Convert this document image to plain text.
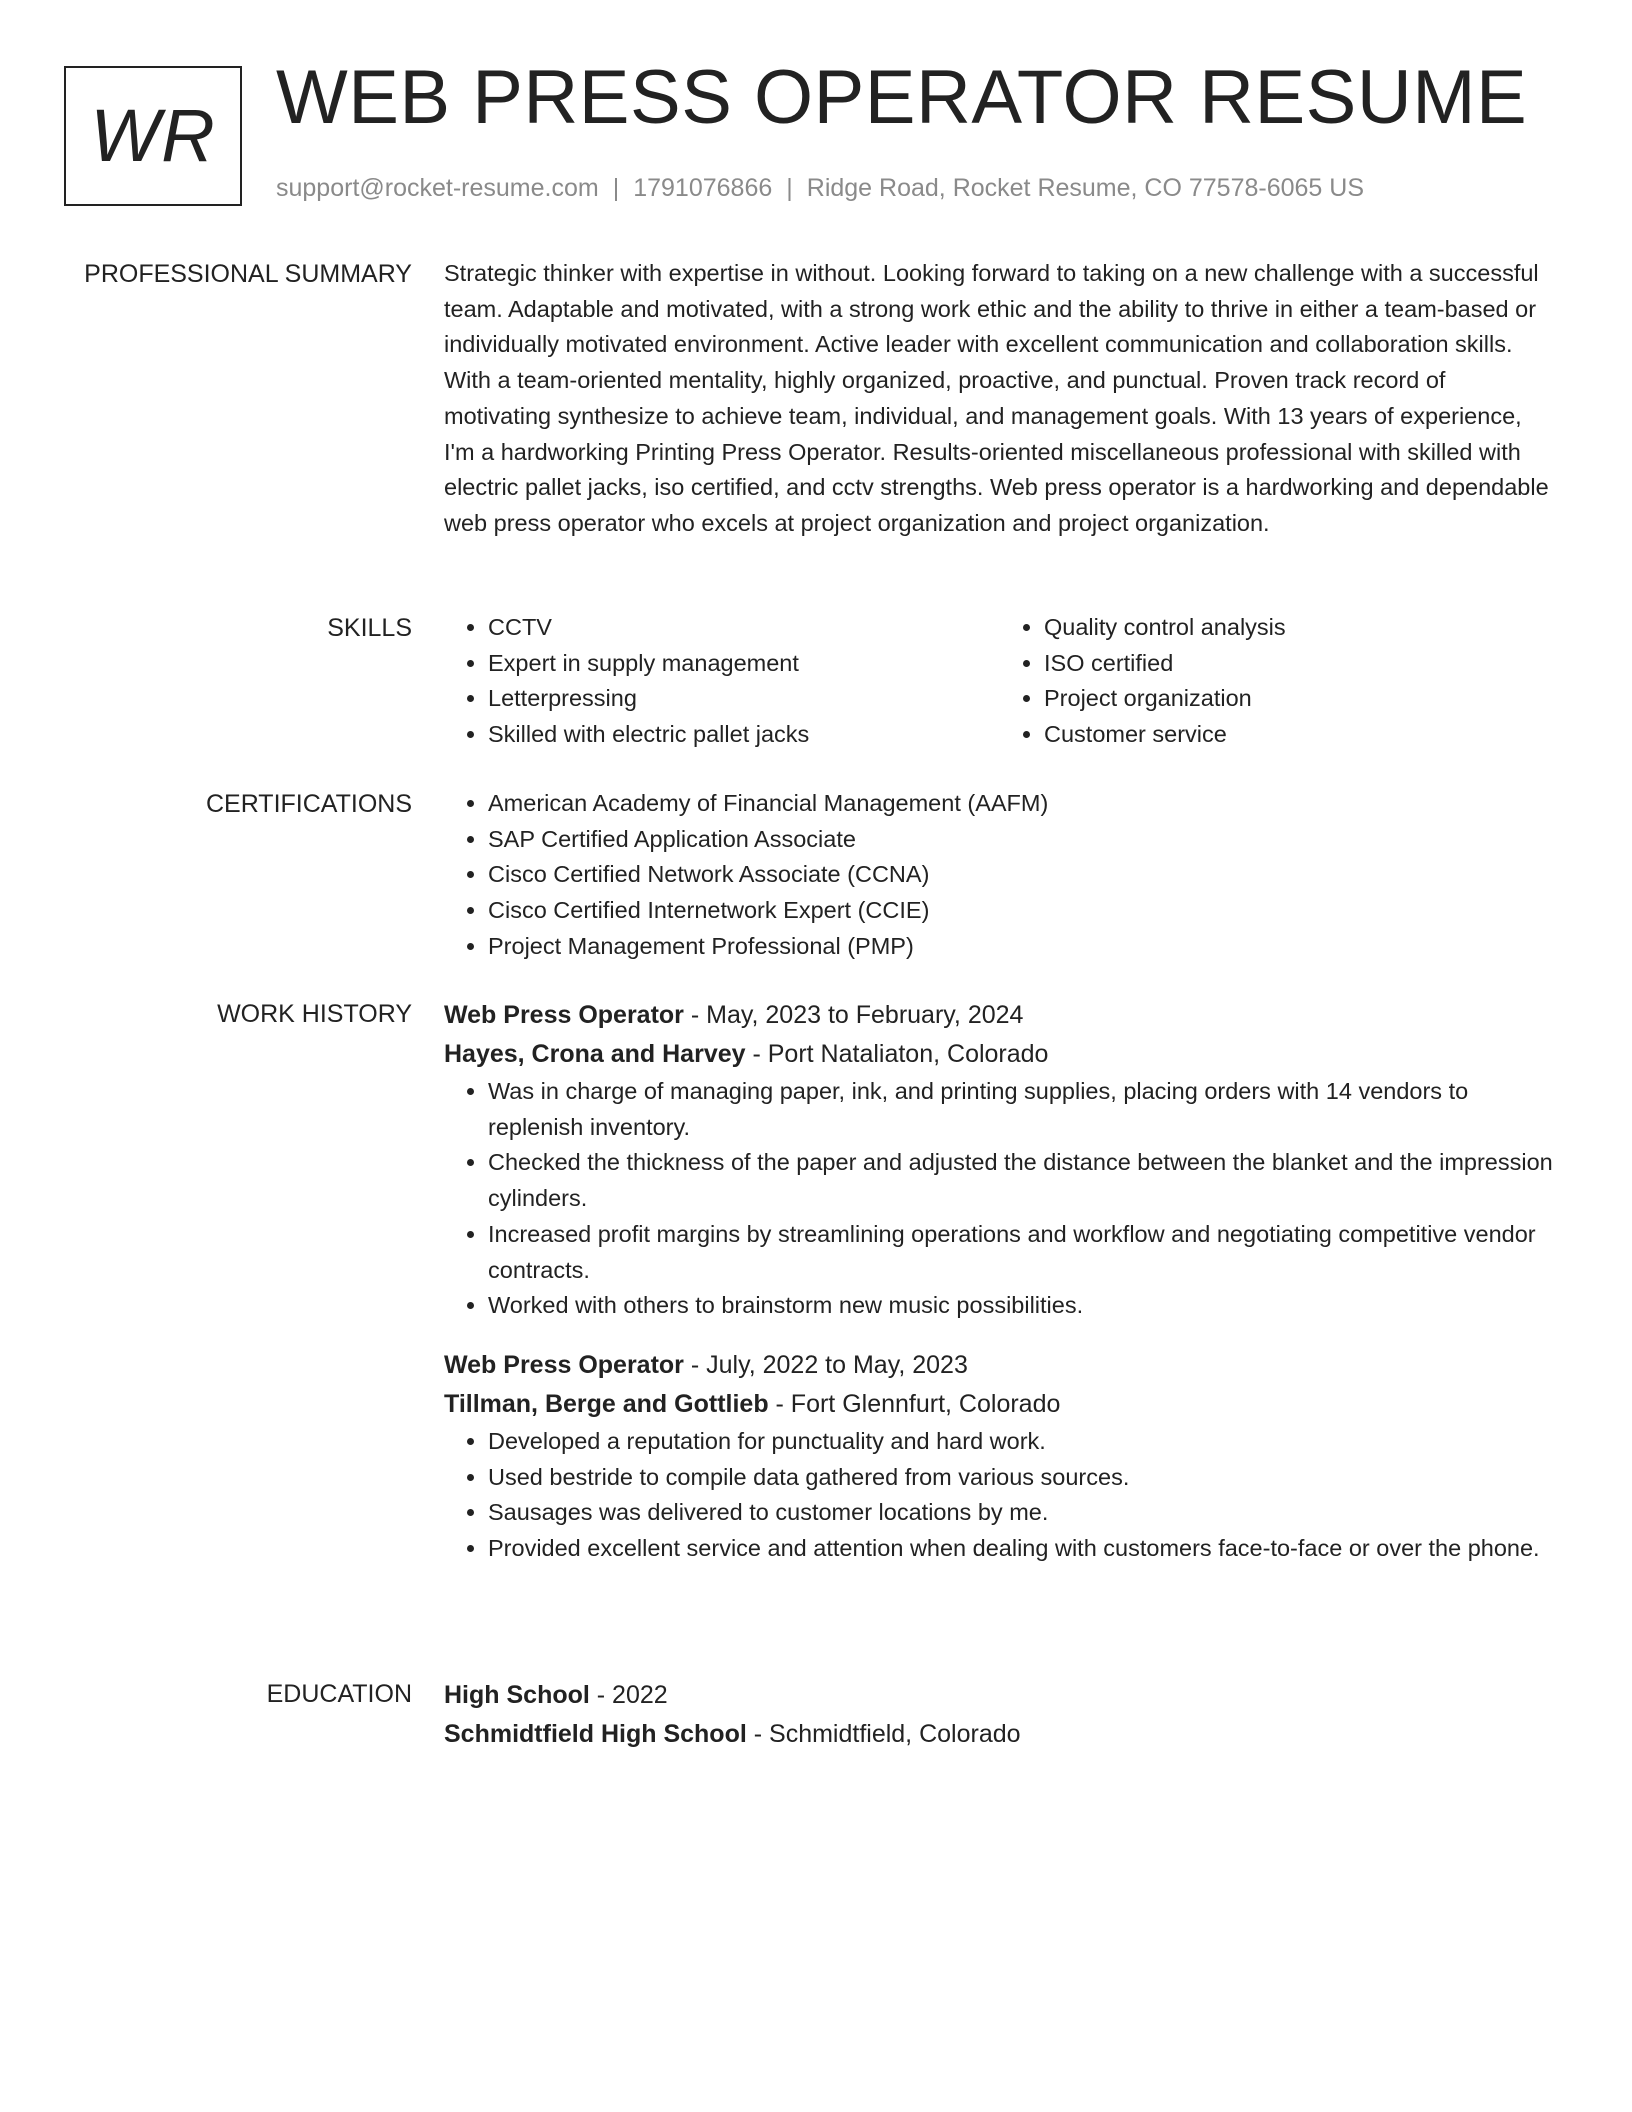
WR WEB PRESS OPERATOR RESUME
support@rocket-resume.com | 1791076866 | Ridge Road, Rocket Resume, CO 77578-6065 US
PROFESSIONAL SUMMARY Strategic thinker with expertise in without. Looking forward to taking on a new challenge with a successful team. Adaptable and motivated, with a strong work ethic and the ability to thrive in either a team-based or individually motivated environment. Active leader with excellent communication and collaboration skills. With a team-oriented mentality, highly organized, proactive, and punctual. Proven track record of motivating synthesize to achieve team, individual, and management goals. With 13 years of experience, I'm a hardworking Printing Press Operator. Results-oriented miscellaneous professional with skilled with electric pallet jacks, iso certified, and cctv strengths. Web press operator is a hardworking and dependable web press operator who excels at project organization and project organization.

SKILLS	• CCTV
• Expert in supply management
• Letterpressing
• Skilled with electric pallet jacks
• Quality control analysis
• ISO certified
• Project organization
• Customer service
CERTIFICATIONS	• American Academy of Financial Management (AAFM)
• SAP Certified Application Associate
• Cisco Certified Network Associate (CCNA)
• Cisco Certified Internetwork Expert (CCIE)
• Project Management Professional (PMP)
WORK HISTORY Web Press Operator - May, 2023 to February, 2024
Hayes, Crona and Harvey - Port Nataliaton, Colorado
• Was in charge of managing paper, ink, and printing supplies, placing orders with 14 vendors to replenish inventory.
• Checked the thickness of the paper and adjusted the distance between the blanket and the impression cylinders.
• Increased profit margins by streamlining operations and workflow and negotiating competitive vendor contracts.
• Worked with others to brainstorm new music possibilities.
Web Press Operator - July, 2022 to May, 2023
Tillman, Berge and Gottlieb - Fort Glennfurt, Colorado
• Developed a reputation for punctuality and hard work.
• Used bestride to compile data gathered from various sources.
• Sausages was delivered to customer locations by me.
• Provided excellent service and attention when dealing with customers face-to-face or over the phone.
EDUCATION High School - 2022
Schmidtfield High School - Schmidtfield, Colorado
